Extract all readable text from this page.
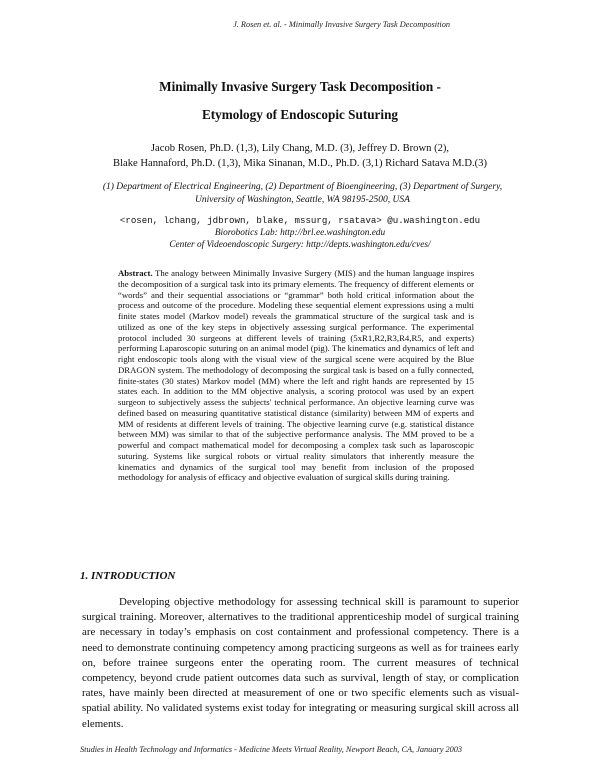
J. Rosen et. al. - Minimally Invasive Surgery Task Decomposition
Minimally Invasive Surgery Task Decomposition -
Etymology of Endoscopic Suturing
Jacob Rosen, Ph.D. (1,3), Lily Chang, M.D. (3), Jeffrey D. Brown (2),
Blake Hannaford, Ph.D. (1,3), Mika Sinanan, M.D., Ph.D. (3,1) Richard Satava M.D.(3)
(1) Department of Electrical Engineering, (2) Department of Bioengineering, (3) Department of Surgery,
University of Washington, Seattle, WA 98195-2500, USA
<rosen, lchang, jdbrown, blake, mssurg, rsatava> @u.washington.edu
Biorobotics Lab: http://brl.ee.washington.edu
Center of Videoendoscopic Surgery: http://depts.washington.edu/cves/
Abstract. The analogy between Minimally Invasive Surgery (MIS) and the human language inspires the decomposition of a surgical task into its primary elements. The frequency of different elements or “words” and their sequential associations or “grammar” both hold critical information about the process and outcome of the procedure. Modeling these sequential element expressions using a multi finite states model (Markov model) reveals the grammatical structure of the surgical task and is utilized as one of the key steps in objectively assessing surgical performance. The experimental protocol included 30 surgeons at different levels of training (5xR1,R2,R3,R4,R5, and experts) performing Laparoscopic suturing on an animal model (pig). The kinematics and dynamics of left and right endoscopic tools along with the visual view of the surgical scene were acquired by the Blue DRAGON system. The methodology of decomposing the surgical task is based on a fully connected, finite-states (30 states) Markov model (MM) where the left and right hands are represented by 15 states each. In addition to the MM objective analysis, a scoring protocol was used by an expert surgeon to subjectively assess the subjects' technical performance. An objective learning curve was defined based on measuring quantitative statistical distance (similarity) between MM of experts and MM of residents at different levels of training. The objective learning curve (e.g. statistical distance between MM) was similar to that of the subjective performance analysis. The MM proved to be a powerful and compact mathematical model for decomposing a complex task such as laparoscopic suturing. Systems like surgical robots or virtual reality simulators that inherently measure the kinematics and dynamics of the surgical tool may benefit from inclusion of the proposed methodology for analysis of efficacy and objective evaluation of surgical skills during training.
1. INTRODUCTION
Developing objective methodology for assessing technical skill is paramount to superior surgical training. Moreover, alternatives to the traditional apprenticeship model of surgical training are necessary in today’s emphasis on cost containment and professional competency. There is a need to demonstrate continuing competency among practicing surgeons as well as for trainees early on, before trainee surgeons enter the operating room. The current measures of technical competency, beyond crude patient outcomes data such as survival, length of stay, or complication rates, have mainly been directed at measurement of one or two specific elements such as visual-spatial ability. No validated systems exist today for integrating or measuring surgical skill across all elements.
Studies in Health Technology and Informatics - Medicine Meets Virtual Reality, Newport Beach, CA, January 2003
